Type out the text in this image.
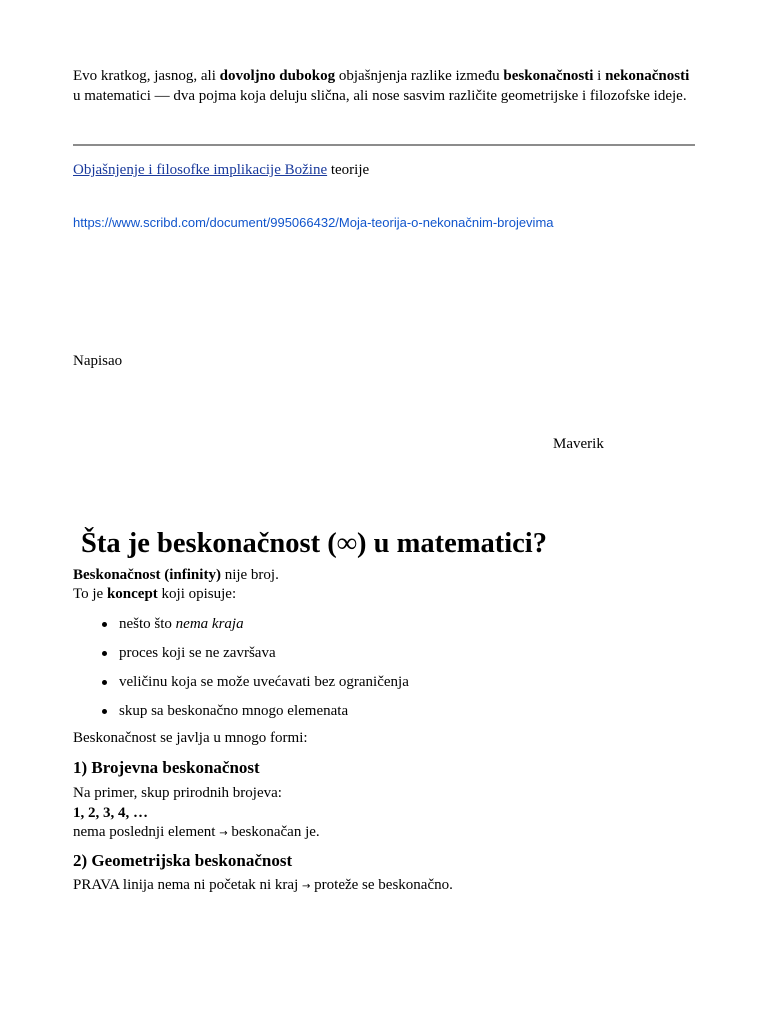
Evo kratkog, jasnog, ali dovoljno dubokog objašnjenja razlike između beskonačnosti i nekonačnosti u matematici — dva pojma koja deluju slična, ali nose sasvim različite geometrijske i filozofske ideje.

Objašnjenje i filosofke implikacije Božine teorije
https://www.scribd.com/document/995066432/Moja-teorija-o-nekonačnim-brojevima
Napisao
Maverik
Šta je beskonačnost (∞) u matematici?
Beskonačnost (infinity) nije broj.
To je koncept koji opisuje:
nešto što nema kraja
proces koji se ne završava
veličinu koja se može uvećavati bez ograničenja
skup sa beskonačno mnogo elemenata
Beskonačnost se javlja u mnogo formi:
1) Brojevna beskonačnost
Na primer, skup prirodnih brojeva:
1, 2, 3, 4, …
nema poslednji element → beskonačan je.
2) Geometrijska beskonačnost
PRAVA linija nema ni početak ni kraj → proteže se beskonačno.
